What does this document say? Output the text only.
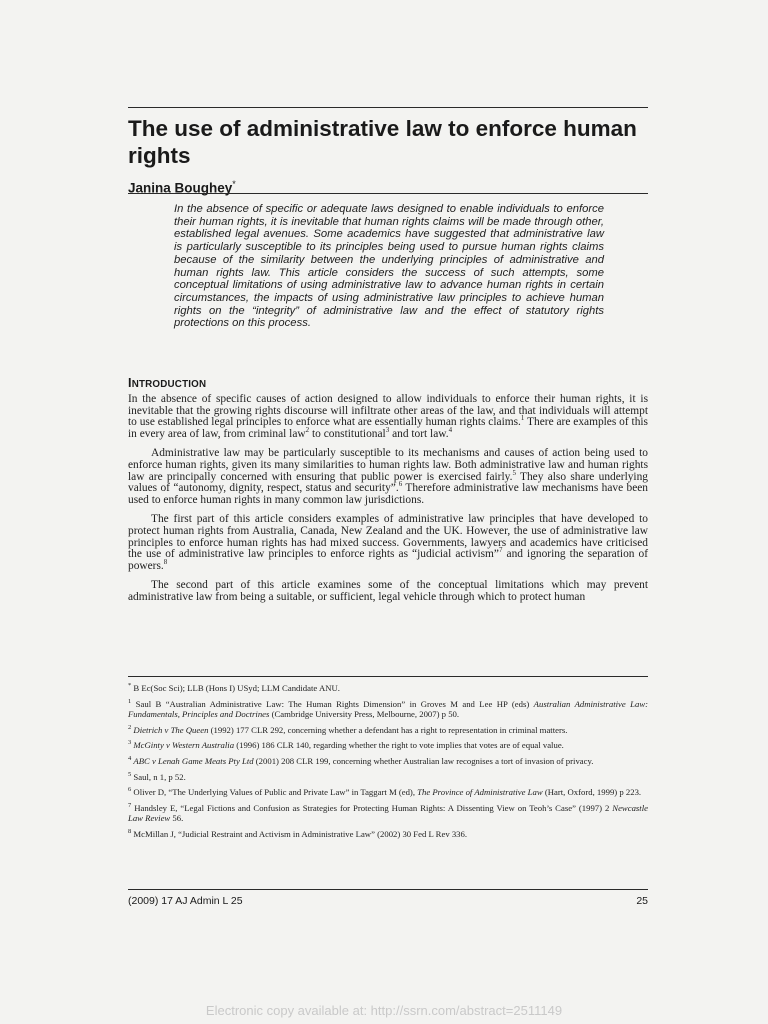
The use of administrative law to enforce human rights
Janina Boughey*

In the absence of specific or adequate laws designed to enable individuals to enforce their human rights, it is inevitable that human rights claims will be made through other, established legal avenues. Some academics have suggested that administrative law is particularly susceptible to its principles being used to pursue human rights claims because of the similarity between the underlying principles of administrative and human rights law. This article considers the success of such attempts, some conceptual limitations of using administrative law to advance human rights in certain circumstances, the impacts of using administrative law principles to achieve human rights on the “integrity” of administrative law and the effect of statutory rights protections on this process.

INTRODUCTION

In the absence of specific causes of action designed to allow individuals to enforce their human rights, it is inevitable that the growing rights discourse will infiltrate other areas of the law, and that individuals will attempt to use established legal principles to enforce what are essentially human rights claims.$^1$ There are examples of this in every area of law, from criminal law$^2$ to constitutional$^3$ and tort law.$^4$

Administrative law may be particularly susceptible to its mechanisms and causes of action being used to enforce human rights, given its many similarities to human rights law. Both administrative law and human rights law are principally concerned with ensuring that public power is exercised fairly.$^5$ They also share underlying values of “autonomy, dignity, respect, status and security”.$^6$ Therefore administrative law mechanisms have been used to enforce human rights in many common law jurisdictions.

The first part of this article considers examples of administrative law principles that have developed to protect human rights from Australia, Canada, New Zealand and the UK. However, the use of administrative law principles to enforce human rights has had mixed success. Governments, lawyers and academics have criticised the use of administrative law principles to enforce rights as “judicial activism”$^7$ and ignoring the separation of powers.$^8$

The second part of this article examines some of the conceptual limitations which may prevent administrative law from being a suitable, or sufficient, legal vehicle through which to protect human

* B Ec(Soc Sci); LLB (Hons I) USyd; LLM Candidate ANU.
$^1$ Saul B “Australian Administrative Law: The Human Rights Dimension” in Groves M and Lee HP (eds) Australian Administrative Law: Fundamentals, Principles and Doctrines (Cambridge University Press, Melbourne, 2007) p 50.
$^2$ Dietrich v The Queen (1992) 177 CLR 292, concerning whether a defendant has a right to representation in criminal matters.
$^3$ McGinty v Western Australia (1996) 186 CLR 140, regarding whether the right to vote implies that votes are of equal value.
$^4$ ABC v Lenah Game Meats Pty Ltd (2001) 208 CLR 199, concerning whether Australian law recognises a tort of invasion of privacy.
$^5$ Saul, n 1, p 52.
$^6$ Oliver D, “The Underlying Values of Public and Private Law” in Taggart M (ed), The Province of Administrative Law (Hart, Oxford, 1999) p 223.
$^7$ Handsley E, “Legal Fictions and Confusion as Strategies for Protecting Human Rights: A Dissenting View on Teoh’s Case” (1997) 2 Newcastle Law Review 56.
$^8$ McMillan J, “Judicial Restraint and Activism in Administrative Law” (2002) 30 Fed L Rev 336.
(2009) 17 AJ Admin L 25	25
Electronic copy available at: http://ssrn.com/abstract=2511149
